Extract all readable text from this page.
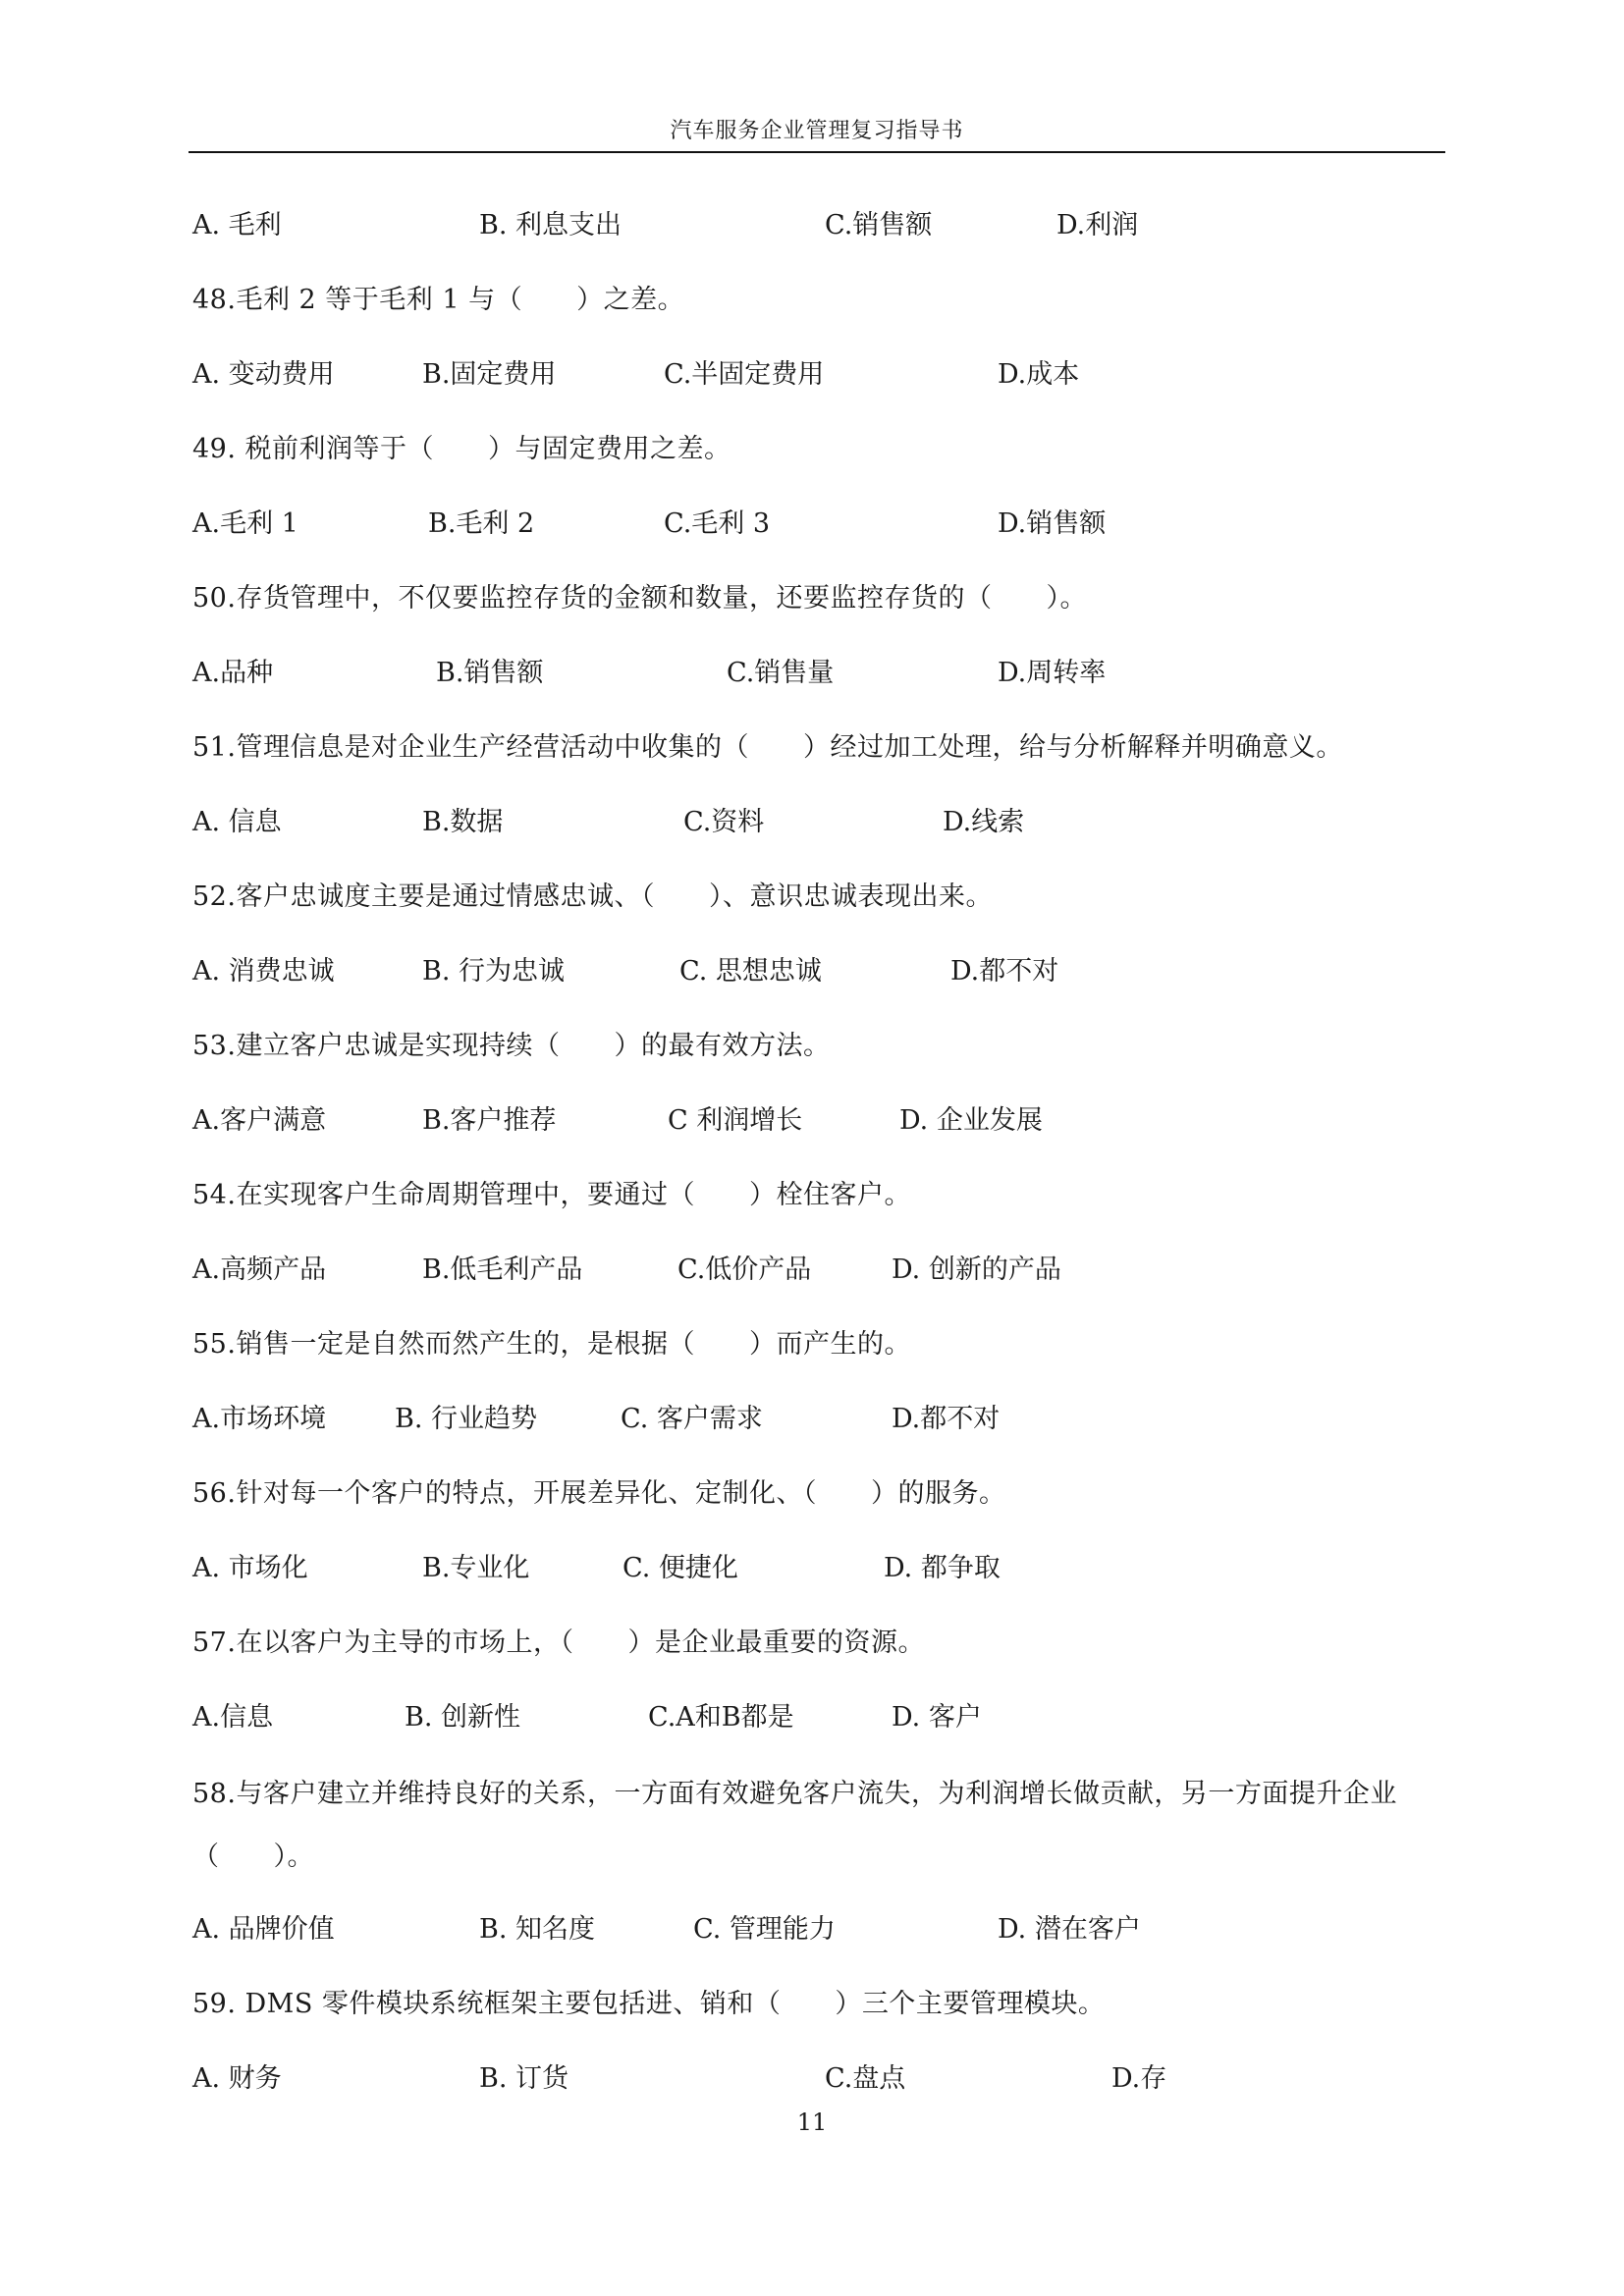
汽车服务企业管理复习指导书
A. 毛利	B. 利息支出	C.销售额	D.利润
48.毛利 2 等于毛利 1 与（　　）之差。
A. 变动费用	B.固定费用	C.半固定费用	D.成本
49. 税前利润等于（　　）与固定费用之差。
A.毛利 1	B.毛利 2	C.毛利 3	D.销售额
50.存货管理中，不仅要监控存货的金额和数量，还要监控存货的（　　）。
A.品种	B.销售额	C.销售量	D.周转率
51.管理信息是对企业生产经营活动中收集的（　　）经过加工处理，给与分析解释并明确意义。
A. 信息	B.数据	C.资料	D.线索
52.客户忠诚度主要是通过情感忠诚、（　　）、意识忠诚表现出来。
A. 消费忠诚	B. 行为忠诚	C. 思想忠诚	D.都不对
53.建立客户忠诚是实现持续（　　）的最有效方法。
A.客户满意	B.客户推荐	C 利润增长	D. 企业发展
54.在实现客户生命周期管理中，要通过（　　）栓住客户。
A.高频产品	B.低毛利产品	C.低价产品	D. 创新的产品
55.销售一定是自然而然产生的，是根据（　　）而产生的。
A.市场环境	B. 行业趋势	C. 客户需求	D.都不对
56.针对每一个客户的特点，开展差异化、定制化、（　　）的服务。
A. 市场化	B.专业化	C. 便捷化	D. 都争取
57.在以客户为主导的市场上，（　　）是企业最重要的资源。
A.信息	B. 创新性	C.A和B都是	D. 客户
58.与客户建立并维持良好的关系，一方面有效避免客户流失，为利润增长做贡献，另一方面提升企业（　　）。
A. 品牌价值	B. 知名度	C. 管理能力	D. 潜在客户
59. DMS 零件模块系统框架主要包括进、销和（　　）三个主要管理模块。
A. 财务	B. 订货	C.盘点	D.存
11
